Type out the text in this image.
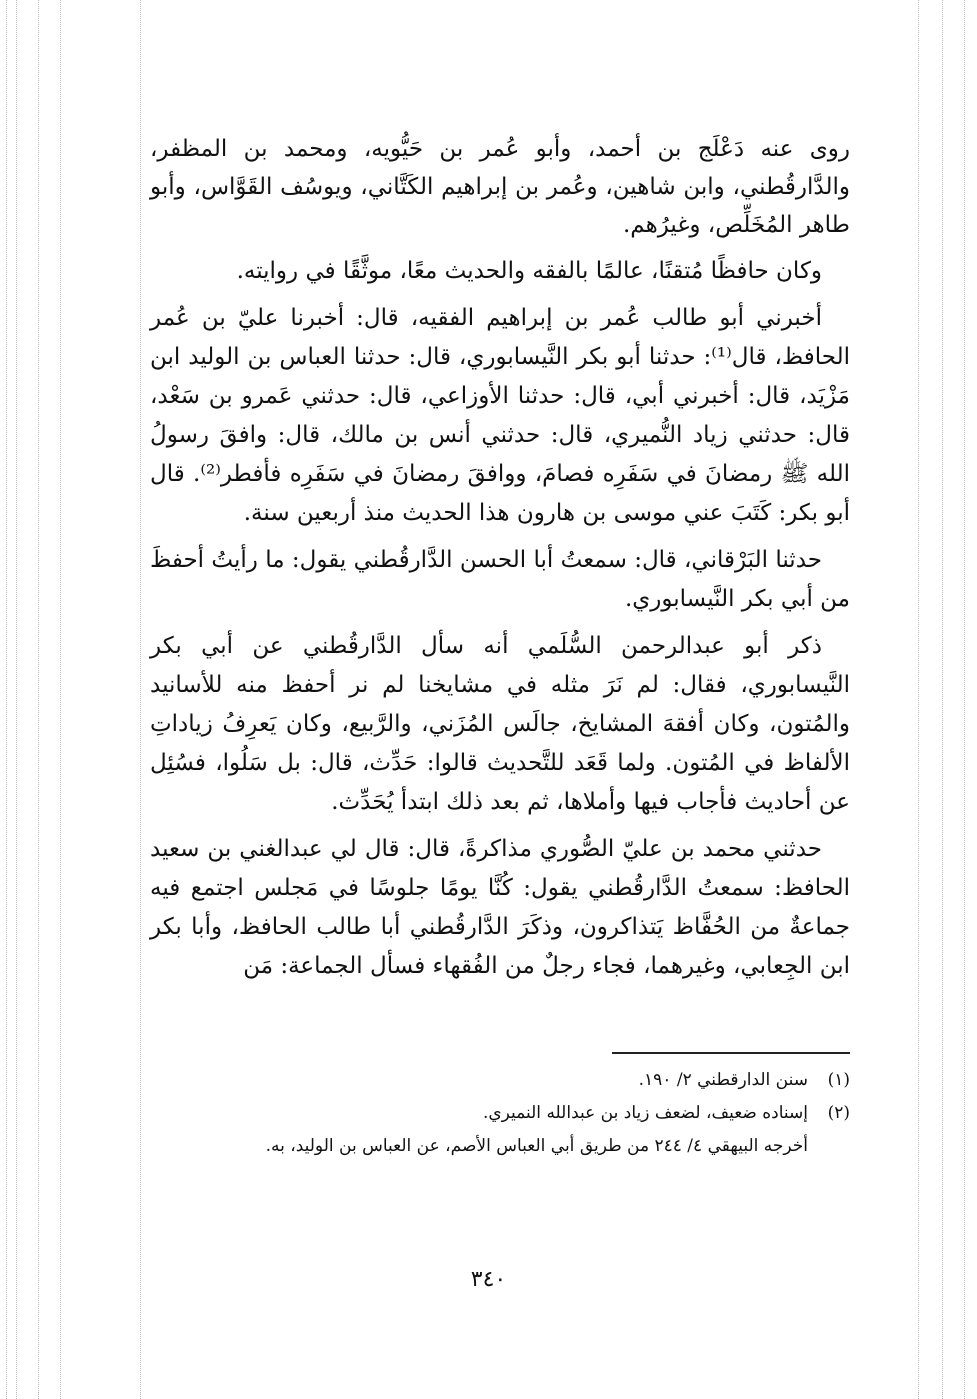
روى عنه دَعْلَج بن أحمد، وأبو عُمر بن حَيُّويه، ومحمد بن المظفر، والدَّارقُطني، وابن شاهين، وعُمر بن إبراهيم الكَتَّاني، ويوسُف القَوَّاس، وأبو طاهر المُخَلِّص، وغيرُهم.

وكان حافظًا مُتقنًا، عالمًا بالفقه والحديث معًا، موثَّقًا في روايته.

أخبرني أبو طالب عُمر بن إبراهيم الفقيه، قال: أخبرنا عليّ بن عُمر الحافظ، قال⁽¹⁾: حدثنا أبو بكر النَّيسابوري، قال: حدثنا العباس بن الوليد ابن مَزْيَد، قال: أخبرني أبي، قال: حدثنا الأوزاعي، قال: حدثني عَمرو بن سَعْد، قال: حدثني زياد النُّميري، قال: حدثني أنس بن مالك، قال: وافقَ رسولُ الله ﷺ رمضانَ في سَفَرِه فصامَ، ووافقَ رمضانَ في سَفَرِه فأفطر⁽²⁾. قال أبو بكر: كَتَبَ عني موسى بن هارون هذا الحديث منذ أربعين سنة.

حدثنا البَرْقاني، قال: سمعتُ أبا الحسن الدَّارقُطني يقول: ما رأيتُ أحفظَ من أبي بكر النَّيسابوري.

ذكر أبو عبدالرحمن السُّلَمي أنه سأل الدَّارقُطني عن أبي بكر النَّيسابوري، فقال: لم نَرَ مثله في مشايخنا لم نر أحفظ منه للأسانيد والمُتون، وكان أفقهَ المشايخ، جالَس المُزَني، والرَّبيع، وكان يَعرِفُ زياداتِ الألفاظ في المُتون. ولما قَعَد للتَّحديث قالوا: حَدِّث، قال: بل سَلُوا، فسُئِل عن أحاديث فأجاب فيها وأملاها، ثم بعد ذلك ابتدأ يُحَدِّث.

حدثني محمد بن عليّ الصُّوري مذاكرةً، قال: قال لي عبدالغني بن سعيد الحافظ: سمعتُ الدَّارقُطني يقول: كُنَّا يومًا جلوسًا في مَجلس اجتمع فيه جماعةٌ من الحُفَّاظ يَتذاكرون، وذكَرَ الدَّارقُطني أبا طالب الحافظ، وأبا بكر ابن الجِعابي، وغيرهما، فجاء رجلٌ من الفُقهاء فسأل الجماعة: مَن

(١)سنن الدارقطني ٢/ ١٩٠.
(٢)إسناده ضعيف، لضعف زياد بن عبدالله النميري.
أخرجه البيهقي ٤/ ٢٤٤ من طريق أبي العباس الأصم، عن العباس بن الوليد، به.
٣٤٠
